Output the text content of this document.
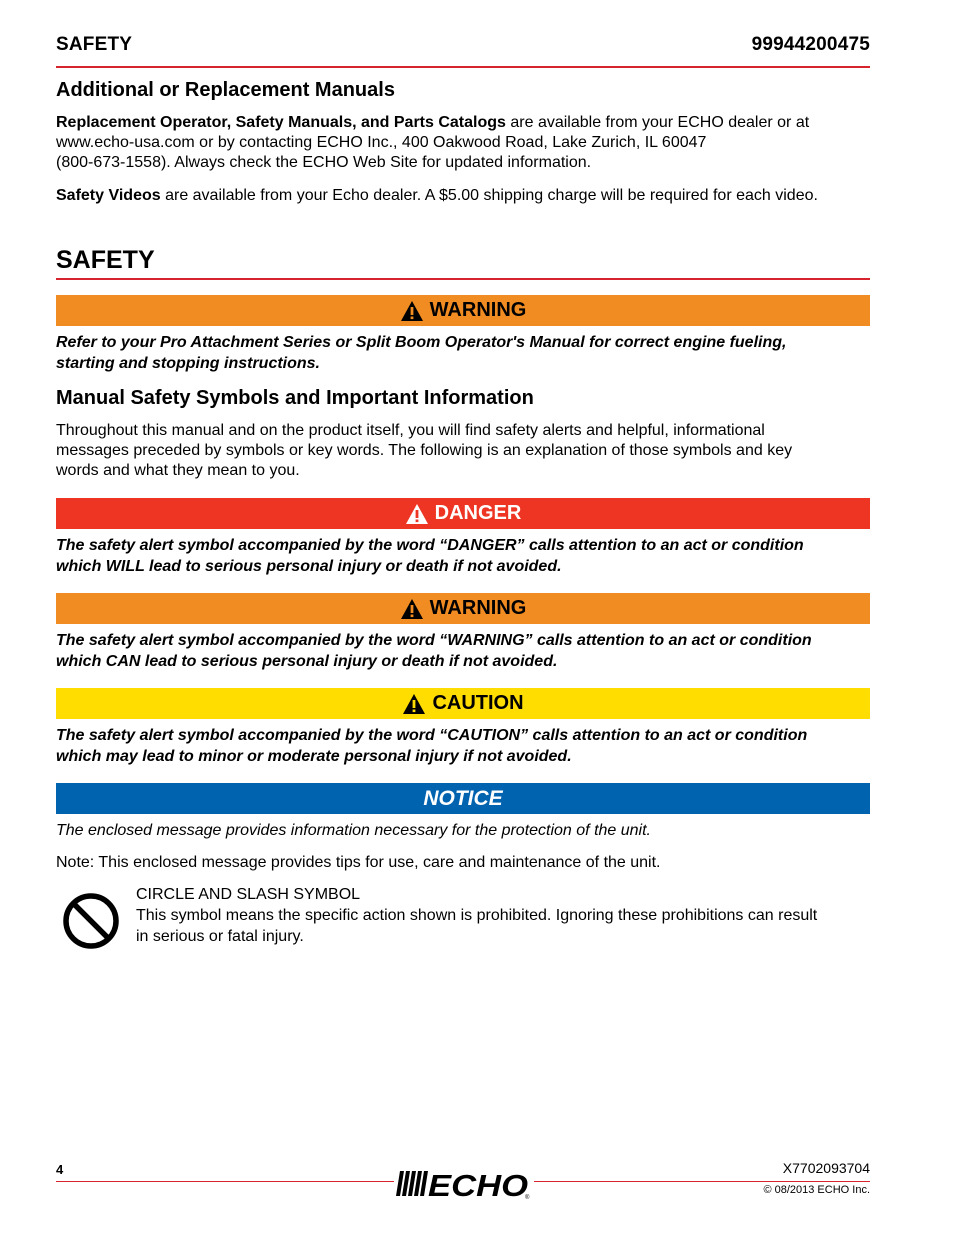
SAFETY	99944200475
Additional or Replacement Manuals
Replacement Operator, Safety Manuals, and Parts Catalogs are available from your ECHO dealer or at
www.echo-usa.com or by contacting ECHO Inc., 400 Oakwood Road, Lake Zurich, IL 60047
(800-673-1558). Always check the ECHO Web Site for updated information.
Safety Videos are available from your Echo dealer. A $5.00 shipping charge will be required for each video.
SAFETY
WARNING
Refer to your Pro Attachment Series or Split Boom Operator's Manual for correct engine fueling,
starting and stopping instructions.
Manual Safety Symbols and Important Information
Throughout this manual and on the product itself, you will find safety alerts and helpful, informational
messages preceded by symbols or key words. The following is an explanation of those symbols and key
words and what they mean to you.
DANGER
The safety alert symbol accompanied by the word “DANGER” calls attention to an act or condition
which WILL lead to serious personal injury or death if not avoided.
WARNING
The safety alert symbol accompanied by the word “WARNING” calls attention to an act or condition
which CAN lead to serious personal injury or death if not avoided.
CAUTION
The safety alert symbol accompanied by the word “CAUTION” calls attention to an act or condition
which may lead to minor or moderate personal injury if not avoided.
NOTICE
The enclosed message provides information necessary for the protection of the unit.
Note: This enclosed message provides tips for use, care and maintenance of the unit.
CIRCLE AND SLASH SYMBOL
This symbol means the specific action shown is prohibited. Ignoring these prohibitions can result
in serious or fatal injury.
4	X7702093704
© 08/2013 ECHO Inc.
ECHO
®
